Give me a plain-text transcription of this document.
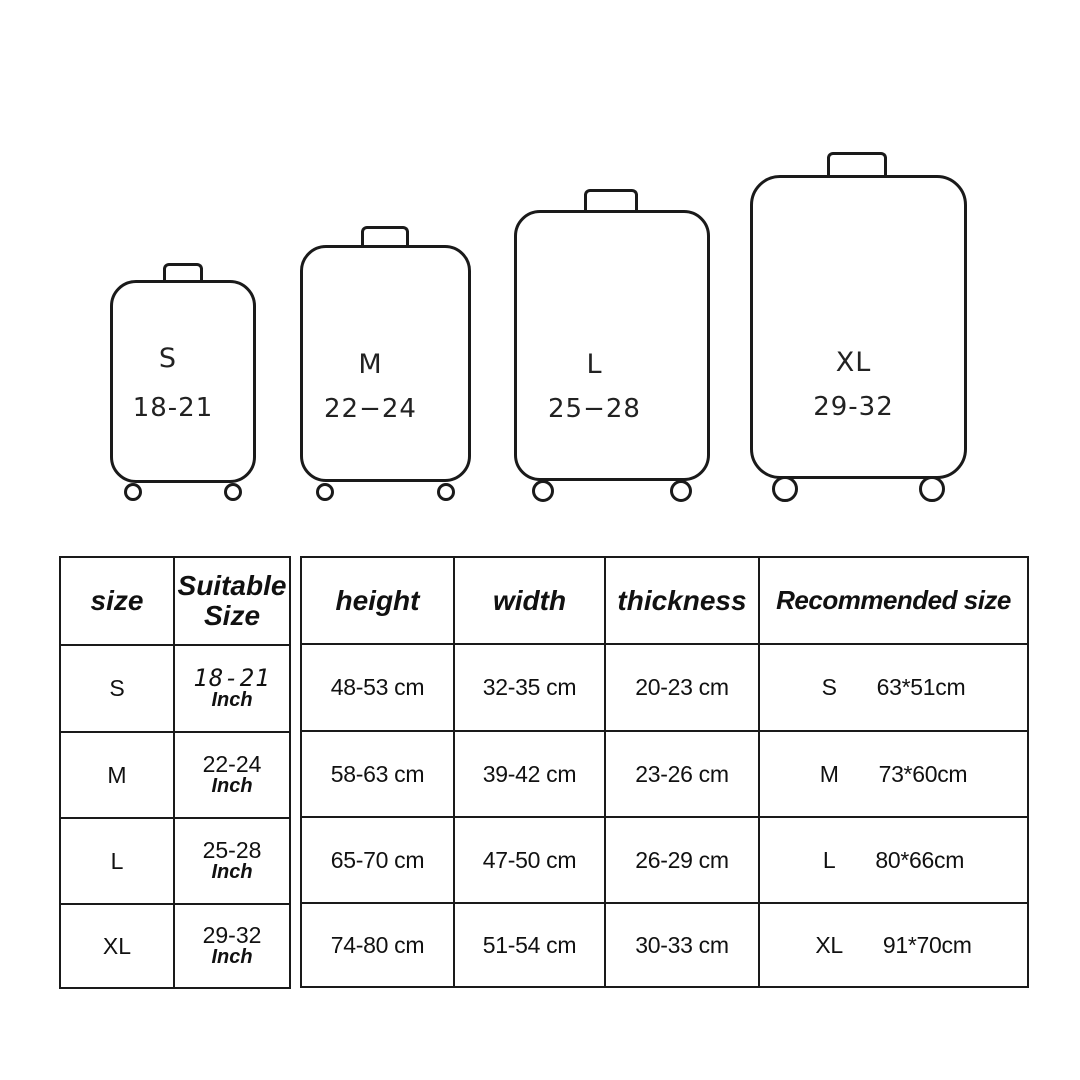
S
18-21
M
22−24
L
25−28
XL
29-32
size	Suitable
Size

S	18-21
Inch

M	22-24
Inch

L	25-28
Inch

XL	29-32
Inch
height	width	thickness	Recommended size
48-53 cm	32-35 cm	20-23 cm	S 63*51cm

58-63 cm	39-42 cm	23-26 cm	M 73*60cm

65-70 cm	47-50 cm	26-29 cm	L 80*66cm

74-80 cm	51-54 cm	30-33 cm	XL 91*70cm
